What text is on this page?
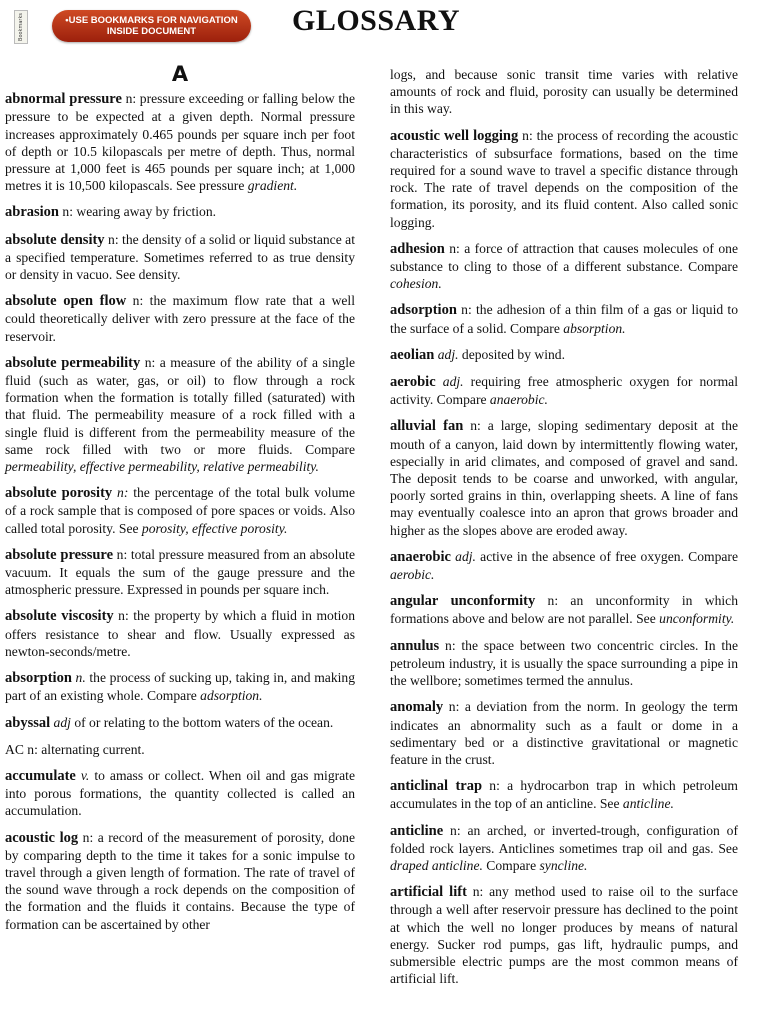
Bookmarks	•USE BOOKMARKS FOR NAVIGATION
INSIDE DOCUMENT	GLOSSARY
A

abnormal pressure n: pressure exceeding or falling below the pressure to be expected at a given depth. Normal pressure increases approximately 0.465 pounds per square inch per foot of depth or 10.5 kilopascals per metre of depth. Thus, normal pressure at 1,000 feet is 465 pounds per square inch; at 1,000 metres it is 10,500 kilopascals. See pressure gradient.

abrasion n: wearing away by friction.

absolute density n: the density of a solid or liquid substance at a specified temperature. Sometimes referred to as true density or density in vacuo. See density.

absolute open flow n: the maximum flow rate that a well could theoretically deliver with zero pressure at the face of the reservoir.

absolute permeability n: a measure of the ability of a single fluid (such as water, gas, or oil) to flow through a rock formation when the formation is totally filled (saturated) with that fluid. The permeability measure of a rock filled with a single fluid is different from the permeability measure of the same rock filled with two or more fluids. Compare permeability, effective permeability, relative permeability.

absolute porosity n: the percentage of the total bulk volume of a rock sample that is composed of pore spaces or voids. Also called total porosity. See porosity, effective porosity.

absolute pressure n: total pressure measured from an absolute vacuum. It equals the sum of the gauge pressure and the atmospheric pressure. Expressed in pounds per square inch.

absolute viscosity n: the property by which a fluid in motion offers resistance to shear and flow. Usually expressed as newton-seconds/metre.

absorption n. the process of sucking up, taking in, and making part of an existing whole. Compare adsorption.

abyssal adj of or relating to the bottom waters of the ocean.

AC n: alternating current.

accumulate v. to amass or collect. When oil and gas migrate into porous formations, the quantity collected is called an accumulation.

acoustic log n: a record of the measurement of porosity, done by comparing depth to the time it takes for a sonic impulse to travel through a given length of formation. The rate of travel of the sound wave through a rock depends on the composition of the formation and the fluids it contains. Because the type of formation can be ascertained by other

logs, and because sonic transit time varies with relative amounts of rock and fluid, porosity can usually be determined in this way.

acoustic well logging n: the process of recording the acoustic characteristics of subsurface formations, based on the time required for a sound wave to travel a specific distance through rock. The rate of travel depends on the composition of the formation, its porosity, and its fluid content. Also called sonic logging.

adhesion n: a force of attraction that causes molecules of one substance to cling to those of a different substance. Compare cohesion.

adsorption n: the adhesion of a thin film of a gas or liquid to the surface of a solid. Compare absorption.

aeolian adj. deposited by wind.

aerobic adj. requiring free atmospheric oxygen for normal activity. Compare anaerobic.

alluvial fan n: a large, sloping sedimentary deposit at the mouth of a canyon, laid down by intermittently flowing water, especially in arid climates, and composed of gravel and sand. The deposit tends to be coarse and unworked, with angular, poorly sorted grains in thin, overlapping sheets. A line of fans may eventually coalesce into an apron that grows broader and higher as the slopes above are eroded away.

anaerobic adj. active in the absence of free oxygen. Compare aerobic.

angular unconformity n: an unconformity in which formations above and below are not parallel. See unconformity.

annulus n: the space between two concentric circles. In the petroleum industry, it is usually the space surrounding a pipe in the wellbore; sometimes termed the annulus.

anomaly n: a deviation from the norm. In geology the term indicates an abnormality such as a fault or dome in a sedimentary bed or a distinctive gravitational or magnetic feature in the crust.

anticlinal trap n: a hydrocarbon trap in which petroleum accumulates in the top of an anticline. See anticline.

anticline n: an arched, or inverted-trough, configuration of folded rock layers. Anticlines sometimes trap oil and gas. See draped anticline. Compare syncline.

artificial lift n: any method used to raise oil to the surface through a well after reservoir pressure has declined to the point at which the well no longer produces by means of natural energy. Sucker rod pumps, gas lift, hydraulic pumps, and submersible electric pumps are the most common means of artificial lift.
